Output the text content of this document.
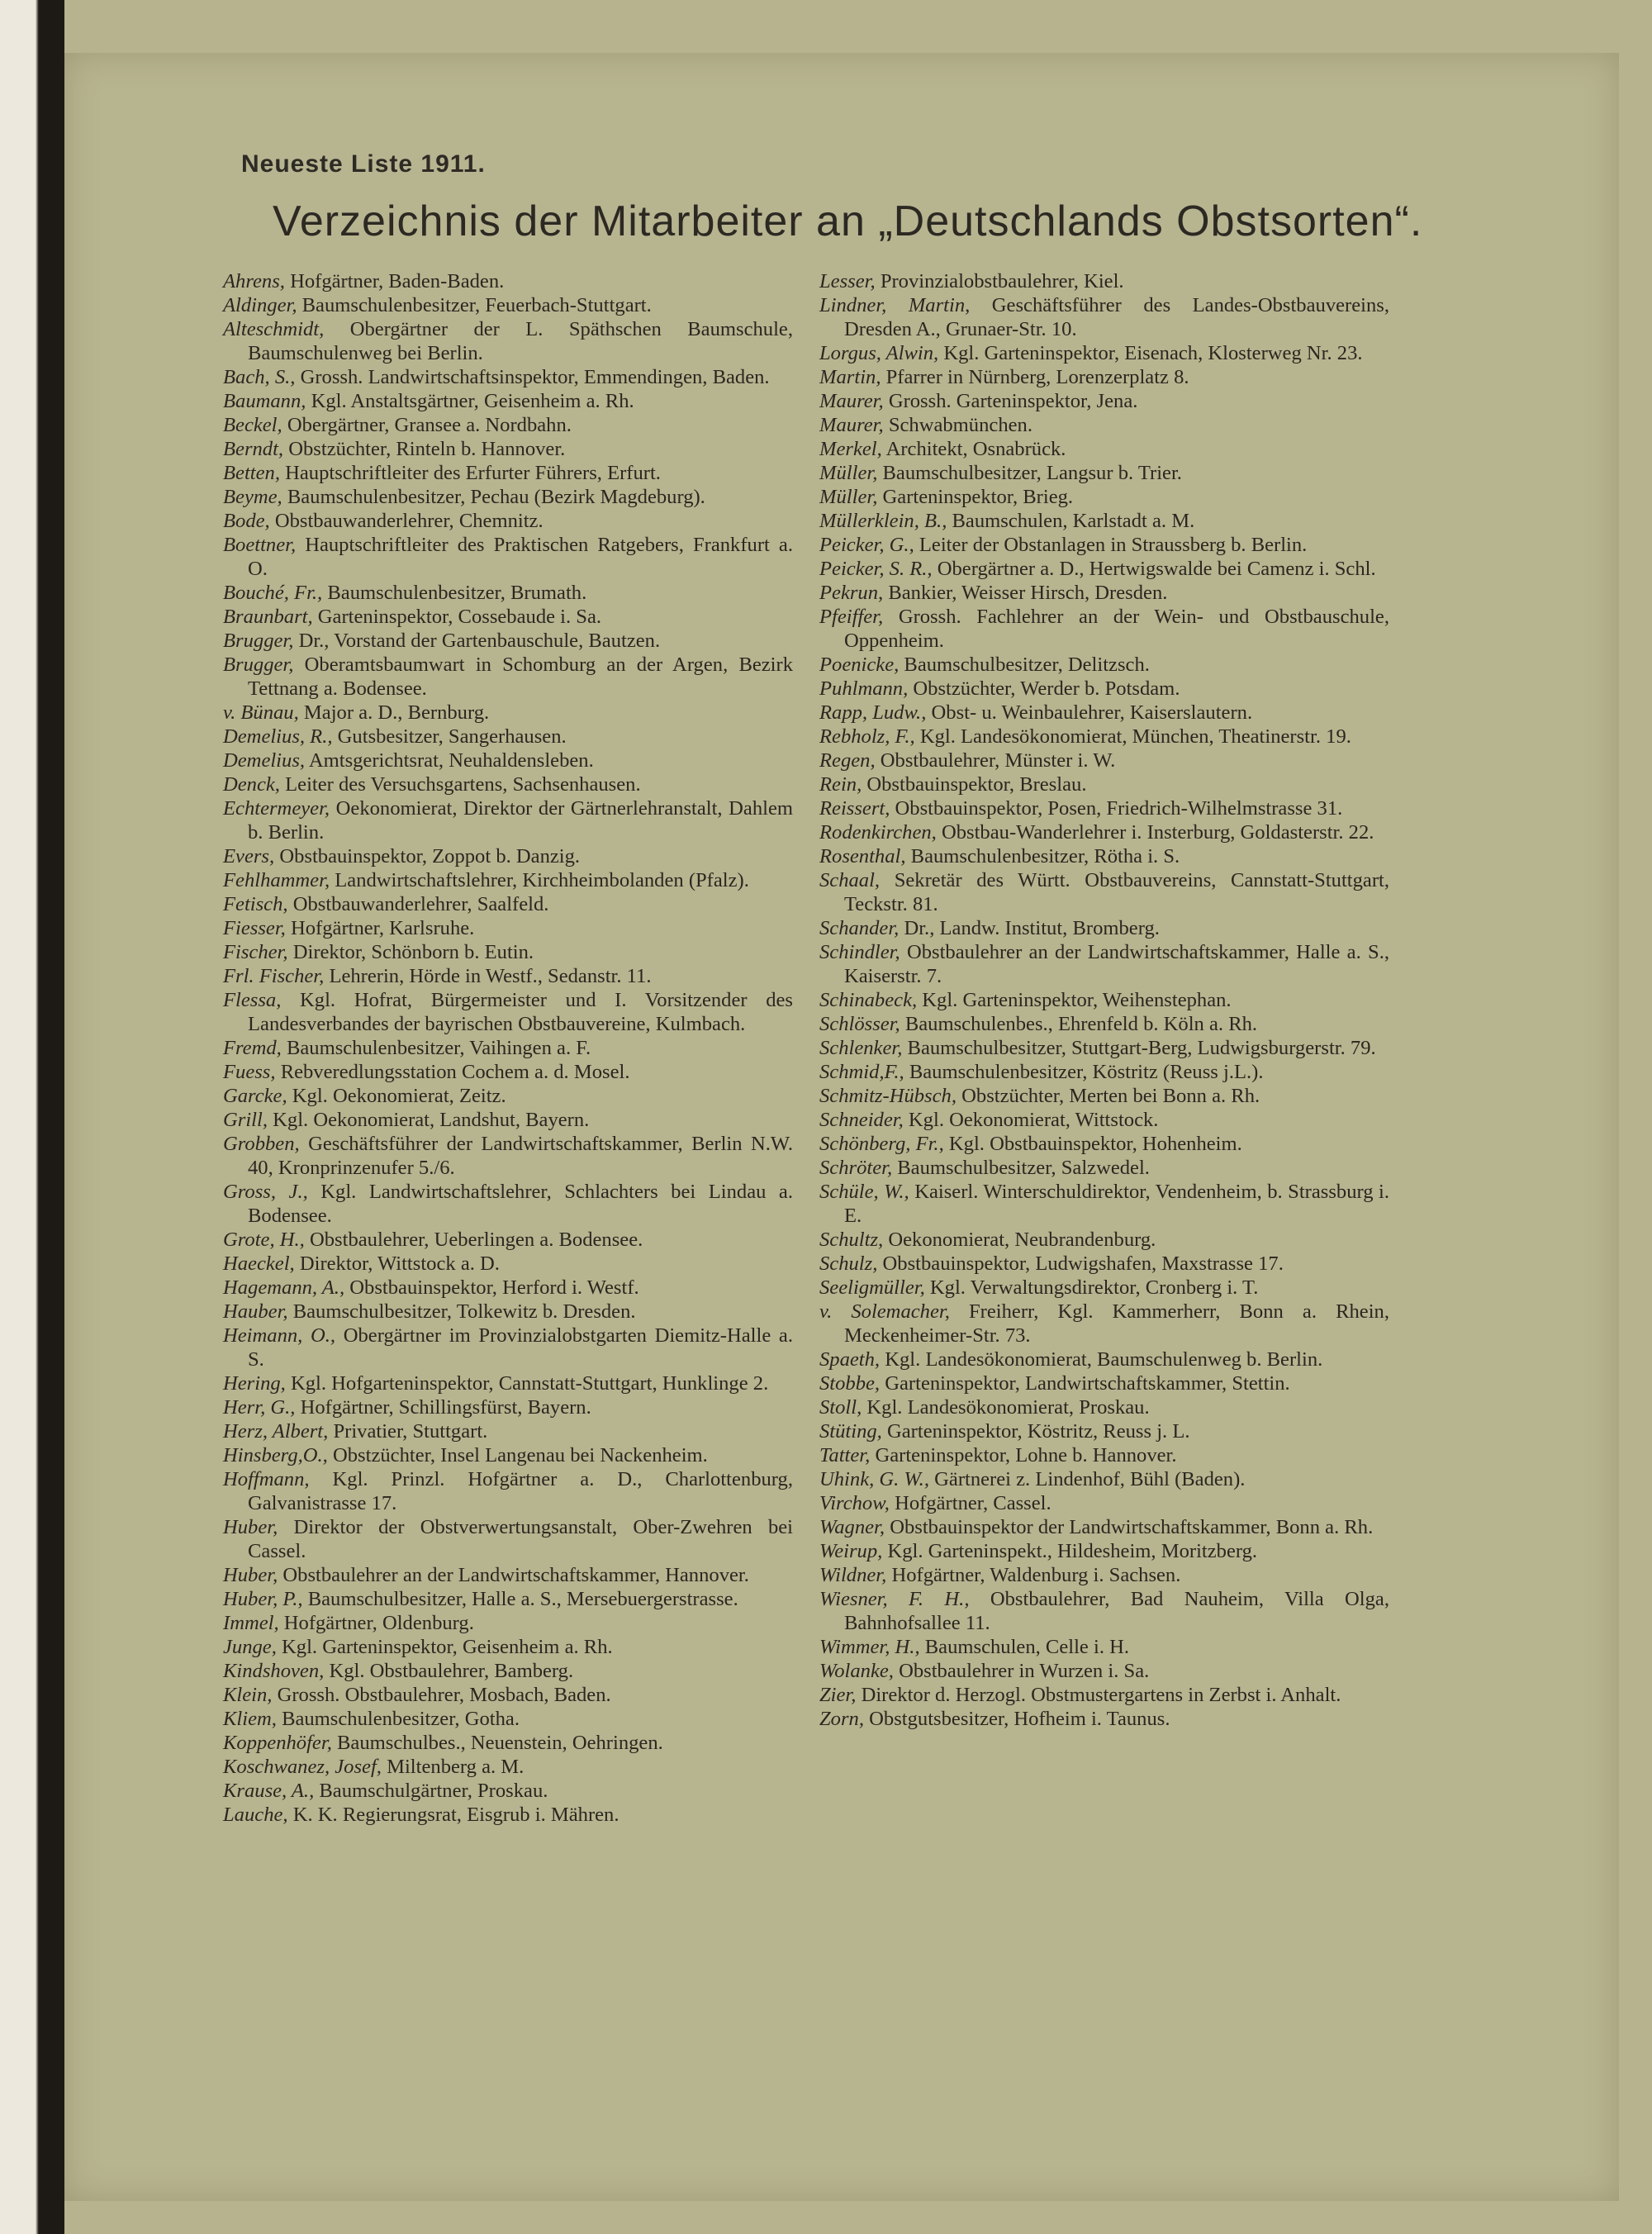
Neueste Liste 1911.
Verzeichnis der Mitarbeiter an „Deutschlands Obstsorten“.
Ahrens, Hofgärtner, Baden-Baden.
Aldinger, Baumschulenbesitzer, Feuerbach-Stuttgart.
Alteschmidt, Obergärtner der L. Späthschen Baumschule, Baumschulenweg bei Berlin.
Bach, S., Grossh. Landwirtschaftsinspektor, Emmendingen, Baden.
Baumann, Kgl. Anstaltsgärtner, Geisenheim a. Rh.
Beckel, Obergärtner, Gransee a. Nordbahn.
Berndt, Obstzüchter, Rinteln b. Hannover.
Betten, Hauptschriftleiter des Erfurter Führers, Erfurt.
Beyme, Baumschulenbesitzer, Pechau (Bezirk Magdeburg).
Bode, Obstbauwanderlehrer, Chemnitz.
Boettner, Hauptschriftleiter des Praktischen Ratgebers, Frankfurt a. O.
Bouché, Fr., Baumschulenbesitzer, Brumath.
Braunbart, Garteninspektor, Cossebaude i. Sa.
Brugger, Dr., Vorstand der Gartenbauschule, Bautzen.
Brugger, Oberamtsbaumwart in Schomburg an der Argen, Bezirk Tettnang a. Bodensee.
v. Bünau, Major a. D., Bernburg.
Demelius, R., Gutsbesitzer, Sangerhausen.
Demelius, Amtsgerichtsrat, Neuhaldensleben.
Denck, Leiter des Versuchsgartens, Sachsenhausen.
Echtermeyer, Oekonomierat, Direktor der Gärtnerlehranstalt, Dahlem b. Berlin.
Evers, Obstbauinspektor, Zoppot b. Danzig.
Fehlhammer, Landwirtschaftslehrer, Kirchheimbolanden (Pfalz).
Fetisch, Obstbauwanderlehrer, Saalfeld.
Fiesser, Hofgärtner, Karlsruhe.
Fischer, Direktor, Schönborn b. Eutin.
Frl. Fischer, Lehrerin, Hörde in Westf., Sedanstr. 11.
Flessa, Kgl. Hofrat, Bürgermeister und I. Vorsitzender des Landesverbandes der bayrischen Obstbauvereine, Kulmbach.
Fremd, Baumschulenbesitzer, Vaihingen a. F.
Fuess, Rebveredlungsstation Cochem a. d. Mosel.
Garcke, Kgl. Oekonomierat, Zeitz.
Grill, Kgl. Oekonomierat, Landshut, Bayern.
Grobben, Geschäftsführer der Landwirtschaftskammer, Berlin N.W. 40, Kronprinzenufer 5./6.
Gross, J., Kgl. Landwirtschaftslehrer, Schlachters bei Lindau a. Bodensee.
Grote, H., Obstbaulehrer, Ueberlingen a. Bodensee.
Haeckel, Direktor, Wittstock a. D.
Hagemann, A., Obstbauinspektor, Herford i. Westf.
Hauber, Baumschulbesitzer, Tolkewitz b. Dresden.
Heimann, O., Obergärtner im Provinzialobstgarten Diemitz-Halle a. S.
Hering, Kgl. Hofgarteninspektor, Cannstatt-Stuttgart, Hunklinge 2.
Herr, G., Hofgärtner, Schillingsfürst, Bayern.
Herz, Albert, Privatier, Stuttgart.
Hinsberg,O., Obstzüchter, Insel Langenau bei Nackenheim.
Hoffmann, Kgl. Prinzl. Hofgärtner a. D., Charlottenburg, Galvanistrasse 17.
Huber, Direktor der Obstverwertungsanstalt, Ober-Zwehren bei Cassel.
Huber, Obstbaulehrer an der Landwirtschaftskammer, Hannover.
Huber, P., Baumschulbesitzer, Halle a. S., Mersebuergerstrasse.
Immel, Hofgärtner, Oldenburg.
Junge, Kgl. Garteninspektor, Geisenheim a. Rh.
Kindshoven, Kgl. Obstbaulehrer, Bamberg.
Klein, Grossh. Obstbaulehrer, Mosbach, Baden.
Kliem, Baumschulenbesitzer, Gotha.
Koppenhöfer, Baumschulbes., Neuenstein, Oehringen.
Koschwanez, Josef, Miltenberg a. M.
Krause, A., Baumschulgärtner, Proskau.
Lauche, K. K. Regierungsrat, Eisgrub i. Mähren.
Lesser, Provinzialobstbaulehrer, Kiel.
Lindner, Martin, Geschäftsführer des Landes-Obstbauvereins, Dresden A., Grunaer-Str. 10.
Lorgus, Alwin, Kgl. Garteninspektor, Eisenach, Klosterweg Nr. 23.
Martin, Pfarrer in Nürnberg, Lorenzerplatz 8.
Maurer, Grossh. Garteninspektor, Jena.
Maurer, Schwabmünchen.
Merkel, Architekt, Osnabrück.
Müller, Baumschulbesitzer, Langsur b. Trier.
Müller, Garteninspektor, Brieg.
Müllerklein, B., Baumschulen, Karlstadt a. M.
Peicker, G., Leiter der Obstanlagen in Straussberg b. Berlin.
Peicker, S. R., Obergärtner a. D., Hertwigswalde bei Camenz i. Schl.
Pekrun, Bankier, Weisser Hirsch, Dresden.
Pfeiffer, Grossh. Fachlehrer an der Wein- und Obstbauschule, Oppenheim.
Poenicke, Baumschulbesitzer, Delitzsch.
Puhlmann, Obstzüchter, Werder b. Potsdam.
Rapp, Ludw., Obst- u. Weinbaulehrer, Kaiserslautern.
Rebholz, F., Kgl. Landesökonomierat, München, Theatinerstr. 19.
Regen, Obstbaulehrer, Münster i. W.
Rein, Obstbauinspektor, Breslau.
Reissert, Obstbauinspektor, Posen, Friedrich-Wilhelmstrasse 31.
Rodenkirchen, Obstbau-Wanderlehrer i. Insterburg, Goldasterstr. 22.
Rosenthal, Baumschulenbesitzer, Rötha i. S.
Schaal, Sekretär des Württ. Obstbauvereins, Cannstatt-Stuttgart, Teckstr. 81.
Schander, Dr., Landw. Institut, Bromberg.
Schindler, Obstbaulehrer an der Landwirtschaftskammer, Halle a. S., Kaiserstr. 7.
Schinabeck, Kgl. Garteninspektor, Weihenstephan.
Schlösser, Baumschulenbes., Ehrenfeld b. Köln a. Rh.
Schlenker, Baumschulbesitzer, Stuttgart-Berg, Ludwigsburgerstr. 79.
Schmid,F., Baumschulenbesitzer, Köstritz (Reuss j.L.).
Schmitz-Hübsch, Obstzüchter, Merten bei Bonn a. Rh.
Schneider, Kgl. Oekonomierat, Wittstock.
Schönberg, Fr., Kgl. Obstbauinspektor, Hohenheim.
Schröter, Baumschulbesitzer, Salzwedel.
Schüle, W., Kaiserl. Winterschuldirektor, Vendenheim, b. Strassburg i. E.
Schultz, Oekonomierat, Neubrandenburg.
Schulz, Obstbauinspektor, Ludwigshafen, Maxstrasse 17.
Seeligmüller, Kgl. Verwaltungsdirektor, Cronberg i. T.
v. Solemacher, Freiherr, Kgl. Kammerherr, Bonn a. Rhein, Meckenheimer-Str. 73.
Spaeth, Kgl. Landesökonomierat, Baumschulenweg b. Berlin.
Stobbe, Garteninspektor, Landwirtschaftskammer, Stettin.
Stoll, Kgl. Landesökonomierat, Proskau.
Stüting, Garteninspektor, Köstritz, Reuss j. L.
Tatter, Garteninspektor, Lohne b. Hannover.
Uhink, G. W., Gärtnerei z. Lindenhof, Bühl (Baden).
Virchow, Hofgärtner, Cassel.
Wagner, Obstbauinspektor der Landwirtschaftskammer, Bonn a. Rh.
Weirup, Kgl. Garteninspekt., Hildesheim, Moritzberg.
Wildner, Hofgärtner, Waldenburg i. Sachsen.
Wiesner, F. H., Obstbaulehrer, Bad Nauheim, Villa Olga, Bahnhofsallee 11.
Wimmer, H., Baumschulen, Celle i. H.
Wolanke, Obstbaulehrer in Wurzen i. Sa.
Zier, Direktor d. Herzogl. Obstmustergartens in Zerbst i. Anhalt.
Zorn, Obstgutsbesitzer, Hofheim i. Taunus.
